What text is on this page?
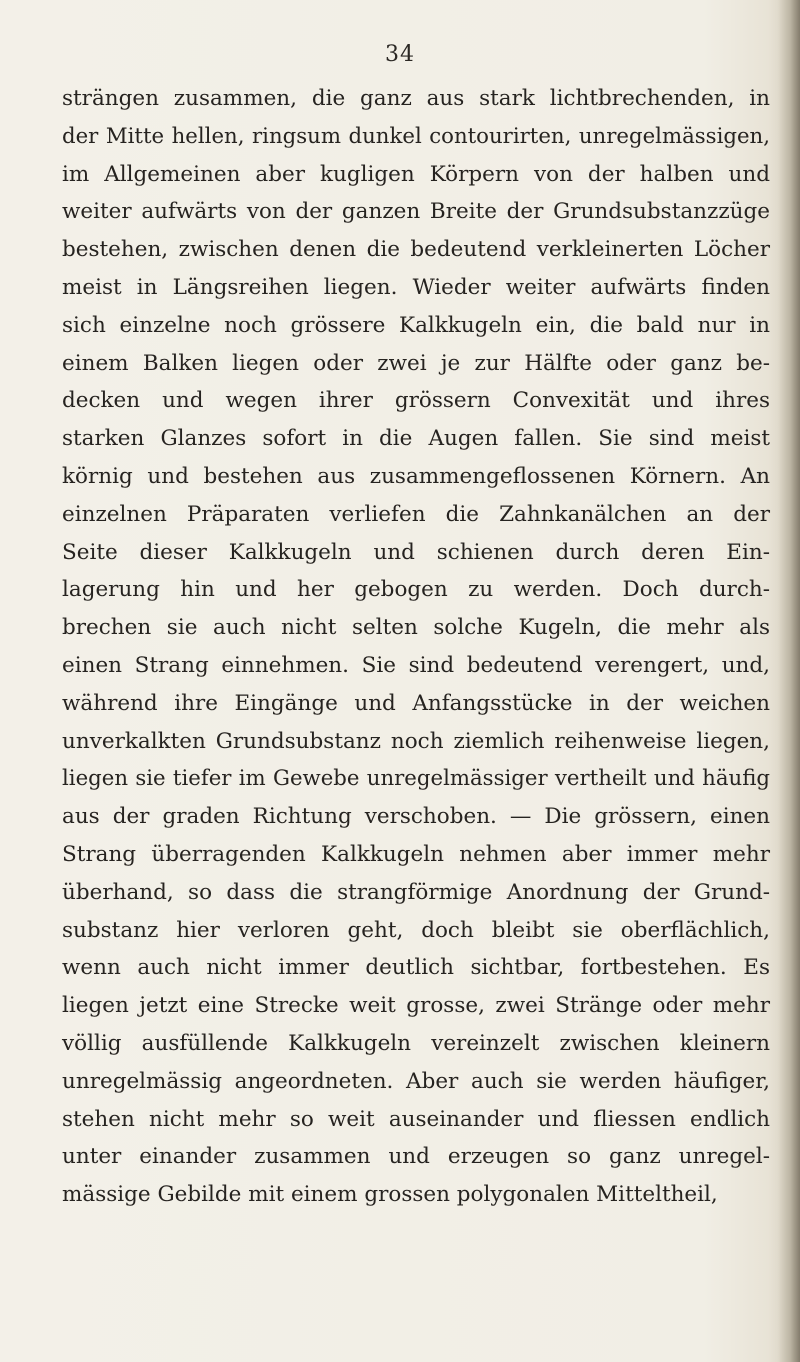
34
strängen zusammen, die ganz aus stark lichtbrechenden, in
der Mitte hellen, ringsum dunkel contourirten, unregelmässigen,
im Allgemeinen aber kugligen Körpern von der halben und
weiter aufwärts von der ganzen Breite der Grundsubstanzzüge
bestehen, zwischen denen die bedeutend verkleinerten Löcher
meist in Längsreihen liegen. Wieder weiter aufwärts finden
sich einzelne noch grössere Kalkkugeln ein, die bald nur in
einem Balken liegen oder zwei je zur Hälfte oder ganz be-
decken und wegen ihrer grössern Convexität und ihres
starken Glanzes sofort in die Augen fallen. Sie sind meist
körnig und bestehen aus zusammengeflossenen Körnern. An
einzelnen Präparaten verliefen die Zahnkanälchen an der
Seite dieser Kalkkugeln und schienen durch deren Ein-
lagerung hin und her gebogen zu werden. Doch durch-
brechen sie auch nicht selten solche Kugeln, die mehr als
einen Strang einnehmen. Sie sind bedeutend verengert, und,
während ihre Eingänge und Anfangsstücke in der weichen
unverkalkten Grundsubstanz noch ziemlich reihenweise liegen,
liegen sie tiefer im Gewebe unregelmässiger vertheilt und häufig
aus der graden Richtung verschoben. — Die grössern, einen
Strang überragenden Kalkkugeln nehmen aber immer mehr
überhand, so dass die strangförmige Anordnung der Grund-
substanz hier verloren geht, doch bleibt sie oberflächlich,
wenn auch nicht immer deutlich sichtbar, fortbestehen. Es
liegen jetzt eine Strecke weit grosse, zwei Stränge oder mehr
völlig ausfüllende Kalkkugeln vereinzelt zwischen kleinern
unregelmässig angeordneten. Aber auch sie werden häufiger,
stehen nicht mehr so weit auseinander und fliessen endlich
unter einander zusammen und erzeugen so ganz unregel-
mässige Gebilde mit einem grossen polygonalen Mitteltheil,
